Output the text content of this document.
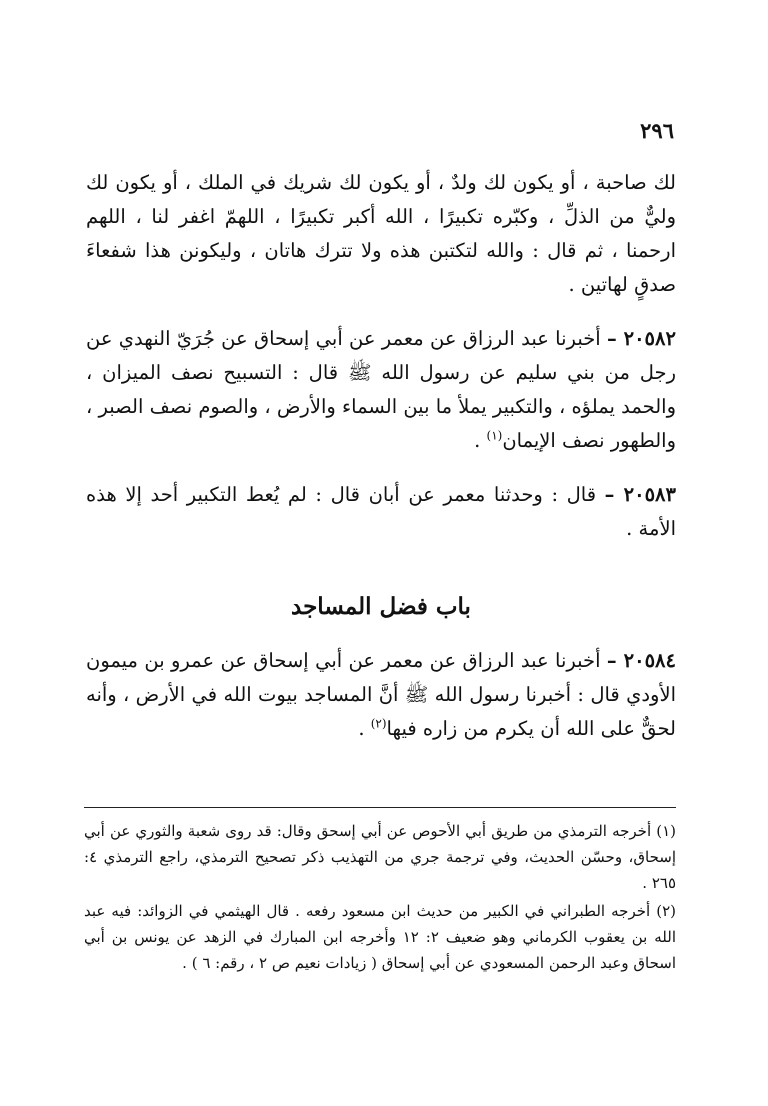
٢٩٦

لك صاحبة ، أو يكون لك ولدٌ ، أو يكون لك شريك في الملك ، أو يكون لك وليٌّ من الذلِّ ، وكبّره تكبيرًا ، الله أكبر تكبيرًا ، اللهمّ اغفر لنا ، اللهم ارحمنا ، ثم قال : والله لتكتبن هذه ولا تترك هاتان ، وليكونن هذا شفعاءَ صدقٍ لهاتين .

٢٠٥٨٢ – أخبرنا عبد الرزاق عن معمر عن أبي إسحاق عن جُرَيّ النهدي عن رجل من بني سليم عن رسول الله ﷺ قال : التسبيح نصف الميزان ، والحمد يملؤه ، والتكبير يملأ ما بين السماء والأرض ، والصوم نصف الصبر ، والطهور نصف الإيمان$^{(١)}$ .

٢٠٥٨٣ – قال : وحدثنا معمر عن أبان قال : لم يُعط التكبير أحد إلا هذه الأمة .

باب فضل المساجد

٢٠٥٨٤ – أخبرنا عبد الرزاق عن معمر عن أبي إسحاق عن عمرو بن ميمون الأودي قال : أخبرنا رسول الله ﷺ أنَّ المساجد بيوت الله في الأرض ، وأنه لحقٌّ على الله أن يكرم من زاره فيها$^{(٢)}$ .

(١) أخرجه الترمذي من طريق أبي الأحوص عن أبي إسحق وقال: قد روى شعبة والثوري عن أبي إسحاق، وحسّن الحديث، وفي ترجمة جري من التهذيب ذكر تصحيح الترمذي، راجع الترمذي ٤: ٢٦٥ .

(٢) أخرجه الطبراني في الكبير من حديث ابن مسعود رفعه . قال الهيثمي في الزوائد: فيه عبد الله بن يعقوب الكرماني وهو ضعيف ٢: ١٢ وأخرجه ابن المبارك في الزهد عن يونس بن أبي اسحاق وعبد الرحمن المسعودي عن أبي إسحاق ( زيادات نعيم ص ٢ ، رقم: ٦ ) .
